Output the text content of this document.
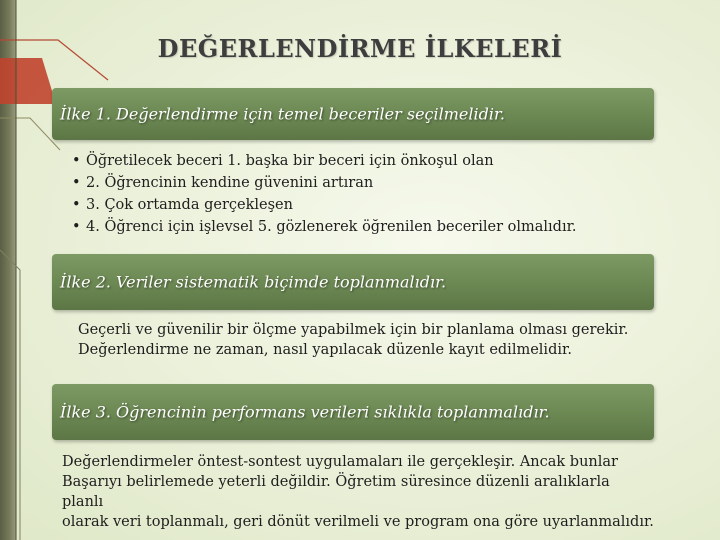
DEĞERLENDİRME İLKELERİ
İlke 1. Değerlendirme için temel beceriler seçilmelidir.
• Öğretilecek beceri 1. başka bir beceri için önkoşul olan
• 2. Öğrencinin kendine güvenini artıran
• 3. Çok ortamda gerçekleşen
• 4. Öğrenci için işlevsel 5. gözlenerek öğrenilen beceriler olmalıdır.
İlke 2. Veriler sistematik biçimde toplanmalıdır.
Geçerli ve güvenilir bir ölçme yapabilmek için bir planlama olması gerekir.
Değerlendirme ne zaman, nasıl yapılacak düzenle kayıt edilmelidir.
İlke 3. Öğrencinin performans verileri sıklıkla toplanmalıdır.
Değerlendirmeler öntest-sontest uygulamaları ile gerçekleşir. Ancak bunlar
Başarıyı belirlemede yeterli değildir. Öğretim süresince düzenli aralıklarla
planlı
olarak veri toplanmalı, geri dönüt verilmeli ve program ona göre uyarlanmalıdır.
